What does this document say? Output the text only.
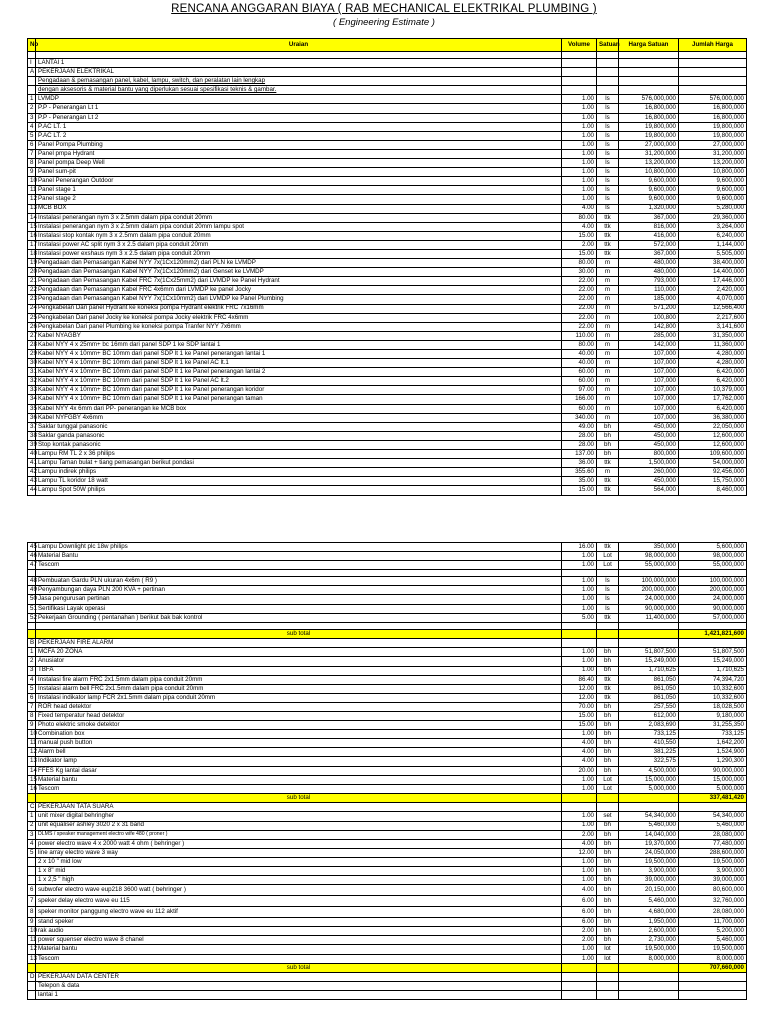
RENCANA ANGGARAN BIAYA ( RAB MECHANICAL ELEKTRIKAL PLUMBING )
( Engineering Estimate )
No	Uraian	Volume	Satuan	Harga Satuan	Jumlah Harga

I	LANTAI 1				
A	PEKERJAAN ELEKTRIKAL				
	Pengadaan & pemasangan panel, kabel, lampu, switch, dan peralatan lain lengkap				
	dengan aksesoris & material bantu yang diperlukan sesuai spesifikasi teknis & gambar.				
1	LVMDP	1.00	ls	576,000,000	576,000,000
2	P.P - Penerangan Lt 1	1.00	ls	16,800,000	16,800,000
3	P.P - Penerangan Lt 2	1.00	ls	16,800,000	16,800,000
4	P.AC LT. 1	1.00	ls	19,800,000	19,800,000
5	P.AC LT. 2	1.00	ls	19,800,000	19,800,000
6	Panel Pompa Plumbing	1.00	ls	27,000,000	27,000,000
7	Panel pmpa Hydrant	1.00	ls	31,200,000	31,200,000
8	Panel pompa Deep Well	1.00	ls	13,200,000	13,200,000
9	Panel sum-pit	1.00	ls	10,800,000	10,800,000
10	Panel Penerangan Outdoor	1.00	ls	9,600,000	9,600,000
11	Panel stage 1	1.00	ls	9,600,000	9,600,000
12	Panel stage 2	1.00	ls	9,600,000	9,600,000
13	MCB BOX	4.00	ls	1,320,000	5,280,000
14	Instalasi penerangan nym 3 x 2.5mm dalam pipa conduit 20mm	80.00	ttk	367,000	29,360,000
15	Instalasi penerangan nym 3 x 2.5mm dalam pipa conduit 20mm lampu spot	4.00	ttk	816,000	3,264,000
16	Instalasi stop kontak nym 3 x 2.5mm dalam pipa conduit 20mm	15.00	ttk	416,000	6,240,000
17	Instalasi power AC split nym 3 x 2.5 dalam pipa conduit 20mm	2.00	ttk	572,000	1,144,000
18	Instalasi power exshaus nym 3 x 2.5 dalam pipa conduit 20mm	15.00	ttk	367,000	5,505,000
19	Pengadaan dan Pemasangan Kabel NYY 7x(1Cx120mm2) dari PLN ke LVMDP	80.00	m	480,000	38,400,000
20	Pengadaan dan Pemasangan Kabel NYY 7x(1Cx120mm2) dari Genset ke LVMDP	30.00	m	480,000	14,400,000
21	Pengadaan dan Pemasangan Kabel FRC 7x(1Cx25mm2) dari LVMDP ke Panel Hydrant	22.00	m	793,000	17,446,000
22	Pengadaan dan Pemasangan Kabel FRC 4x6mm dari LVMDP ke panel Jocky	22.00	m	110,000	2,420,000
23	Pengadaan dan Pemasangan Kabel NYY 7x(1Cx10mm2) dari LVMDP ke Panel Plumbing	22.00	m	185,000	4,070,000
24	Pengkabelan Dari panel Hydrant ke koneksi pompa Hydrant elektrik FRC 7x16mm	22.00	m	571,200	12,566,400
25	Pengkabelan Dari panel Jocky ke koneksi pompa Jocky elektrik FRC 4x6mm	22.00	m	100,800	2,217,600
26	Pengkabelan Dari panel Plumbing ke koneksi pompa Tranfer NYY 7x6mm	22.00	m	142,800	3,141,600
27	Kabel NYAGBY	110.00	m	285,000	31,350,000
28	Kabel NYY 4 x 25mm+ bc 16mm dari panel SDP 1 ke SDP lantai 1	80.00	m	142,000	11,360,000
29	Kabel NYY 4 x 10mm+ BC 10mm dari panel SDP lt 1 ke Panel penerangan lantai 1	40.00	m	107,000	4,280,000
30	Kabel NYY 4 x 10mm+ BC 10mm dari panel SDP lt 1 ke Panel AC lt.1	40.00	m	107,000	4,280,000
31	Kabel NYY 4 x 10mm+ BC 10mm dari panel SDP lt 1 ke Panel penerangan lantai 2	60.00	m	107,000	6,420,000
32	Kabel NYY 4 x 10mm+ BC 10mm dari panel SDP lt 1 ke Panel AC lt.2	60.00	m	107,000	6,420,000
33	Kabel NYY 4 x 10mm+ BC 10mm dari panel SDP lt 1 ke Panel penerangan koridor	97.00	m	107,000	10,379,000
34	Kabel NYY 4 x 10mm+ BC 10mm dari panel SDP lt 1 ke Panel penerangan taman	166.00	m	107,000	17,762,000
35	Kabel NYY 4x 6mm dari PP- penerangan ke MCB box	60.00	m	107,000	6,420,000
36	Kabel NYFGBY 4x6mm	340.00	m	107,000	36,380,000
37	Saklar tunggal panasonic	49.00	bh	450,000	22,050,000
38	Saklar ganda panasonic	28.00	bh	450,000	12,600,000
39	Stop kontak panasonic	28.00	bh	450,000	12,600,000
40	Lampu RM TL 2 x 36 philips	137.00	bh	800,000	109,600,000
41	Lampu Taman bulat + tiang pemasangan berikut pondasi	36.00	ttk	1,500,000	54,000,000
42	Lampu indirek philips	355.60	m	260,000	92,456,000
43	Lampu TL koridor 18 watt	35.00	ttk	450,000	15,750,000
44	Lampu Spot 50W philips	15.00	ttk	564,000	8,460,000
45	Lampu Downlight plc 18w philips	16.00	ttk	350,000	5,600,000
46	Material Bantu	1.00	Lot	98,000,000	98,000,000
47	Tescom	1.00	Lot	55,000,000	55,000,000

48	Pembuatan Gardu PLN ukuran 4x6m ( R9 )	1.00	ls	100,000,000	100,000,000
49	Penyambungan daya PLN 200 KVA + pertinan	1.00	ls	200,000,000	200,000,000
50	Jasa pengurusan pertinan	1.00	ls	24,000,000	24,000,000
51	Sertifikasi Layak operasi	1.00	ls	90,000,000	90,000,000
52	Pekerjaan Grounding ( pentanahan ) berikut bak bak kontrol	5.00	ttk	11,400,000	57,000,000

	sub total				1,421,821,600
B	PEKERJAAN FIRE ALARM				
1	MCFA 20 ZONA	1.00	bh	51,807,500	51,807,500
2	Anusiator	1.00	bh	15,249,000	15,249,000
3	TBFA	1.00	bh	1,710,625	1,710,625
4	Instalasi fire alarm FRC 2x1.5mm dalam pipa conduit 20mm	86.40	ttk	861,050	74,394,720
5	Instalasi alarm bell FRC 2x1.5mm dalam pipa conduit 20mm	12.00	ttk	861,050	10,332,600
6	Instalasi indikator lamp FCR 2x1.5mm dalam pipa conduit 20mm	12.00	ttk	861,050	10,332,600
7	ROR head detektor	70.00	bh	257,550	18,028,500
8	Fixed temperatur head detektor	15.00	bh	612,000	9,180,000
9	Photo elektric smoke detektor	15.00	bh	2,083,690	31,255,350
10	Combination box	1.00	bh	733,125	733,125
11	manual push button	4.00	bh	410,550	1,642,200
12	Alarm bell	4.00	bh	381,225	1,524,900
13	Indikator lamp	4.00	bh	322,575	1,290,300
14	FFES Kg lantai dasar	20.00	bh	4,500,000	90,000,000
15	Material bantu	1.00	Lot	15,000,000	15,000,000
16	Tescom	1.00	Lot	5,000,000	5,000,000
	sub total				337,481,420
C	PEKERJAAN TATA SUARA				
1	unit mixer digital behringher	1.00	set	54,340,000	54,340,000
2	unit equaliser ashley 3020 2 x 31 band	1.00	bh	5,460,000	5,460,000
3	DLMS / speaker management electro wife 480 ( proner )	2.00	bh	14,040,000	28,080,000
4	power electro wave 4 x 2000 watt 4 ohm ( behringer )	4.00	bh	19,370,000	77,480,000
5	line array electro wave 3 way	12.00	bh	24,050,000	288,600,000
	2 x 10 " mid low	1.00	bh	19,500,000	19,500,000
	1 x 8" mid	1.00	bh	3,900,000	3,900,000
	1 x 2,5 " high	1.00	bh	39,000,000	39,000,000
6	subwofer electro wave eup218 3600 watt ( behringer )	4.00	bh	20,150,000	80,600,000
7	speker delay electro wave eu 115	6.00	bh	5,460,000	32,760,000
8	speker monitor panggung electro wave eu 112 aktif	6.00	bh	4,680,000	28,080,000
9	stand speker	6.00	bh	1,950,000	11,700,000
10	rak audio	2.00	bh	2,600,000	5,200,000
11	power squenser electro wave 8 chanel	2.00	bh	2,730,000	5,460,000
12	Material bantu	1.00	lot	19,500,000	19,500,000
13	Tescom	1.00	lot	8,000,000	8,000,000
	sub total				707,660,000
D	PEKERJAAN DATA CENTER				
	Telepon & data				
	lantai 1				
